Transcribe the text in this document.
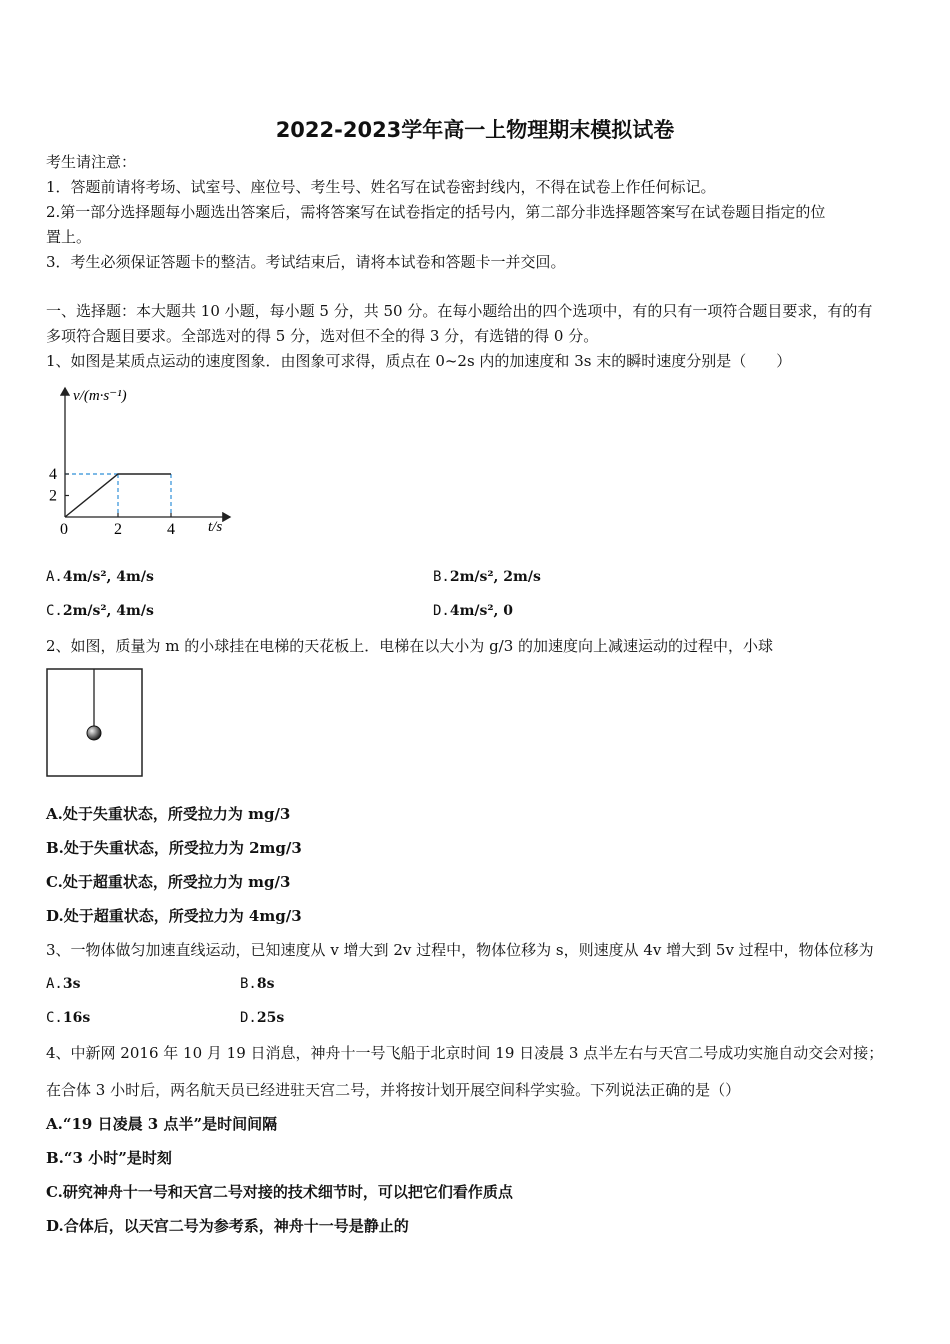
2022-2023学年高一上物理期末模拟试卷
考生请注意：
1．答题前请将考场、试室号、座位号、考生号、姓名写在试卷密封线内，不得在试卷上作任何标记。
2.第一部分选择题每小题选出答案后，需将答案写在试卷指定的括号内，第二部分非选择题答案写在试卷题目指定的位
置上。
3．考生必须保证答题卡的整洁。考试结束后，请将本试卷和答题卡一并交回。
一、选择题：本大题共 10 小题，每小题 5 分，共 50 分。在每小题给出的四个选项中，有的只有一项符合题目要求，有的有
多项符合题目要求。全部选对的得 5 分，选对但不全的得 3 分，有选错的得 0 分。
1、如图是某质点运动的速度图象．由图象可求得，质点在 0~2s 内的加速度和 3s 末的瞬时速度分别是（　　）
0	2	4
2
4
v/(m·s⁻¹)
t/s
A.4m/s², 4m/s	B.2m/s², 2m/s
C.2m/s², 4m/s	D.4m/s², 0
2、如图，质量为 m 的小球挂在电梯的天花板上．电梯在以大小为 g/3 的加速度向上减速运动的过程中，小球
A.处于失重状态，所受拉力为 mg/3
B.处于失重状态，所受拉力为 2mg/3
C.处于超重状态，所受拉力为 mg/3
D.处于超重状态，所受拉力为 4mg/3
3、一物体做匀加速直线运动，已知速度从 v 增大到 2v 过程中，物体位移为 s，则速度从 4v 增大到 5v 过程中，物体位移为
A.3s	B.8s
C.16s	D.25s
4、中新网 2016 年 10 月 19 日消息，神舟十一号飞船于北京时间 19 日凌晨 3 点半左右与天宫二号成功实施自动交会对接；
在合体 3 小时后，两名航天员已经进驻天宫二号，并将按计划开展空间科学实验。下列说法正确的是（）
A.“19 日凌晨 3 点半”是时间间隔
B.“3 小时”是时刻
C.研究神舟十一号和天宫二号对接的技术细节时，可以把它们看作质点
D.合体后，以天宫二号为参考系，神舟十一号是静止的
